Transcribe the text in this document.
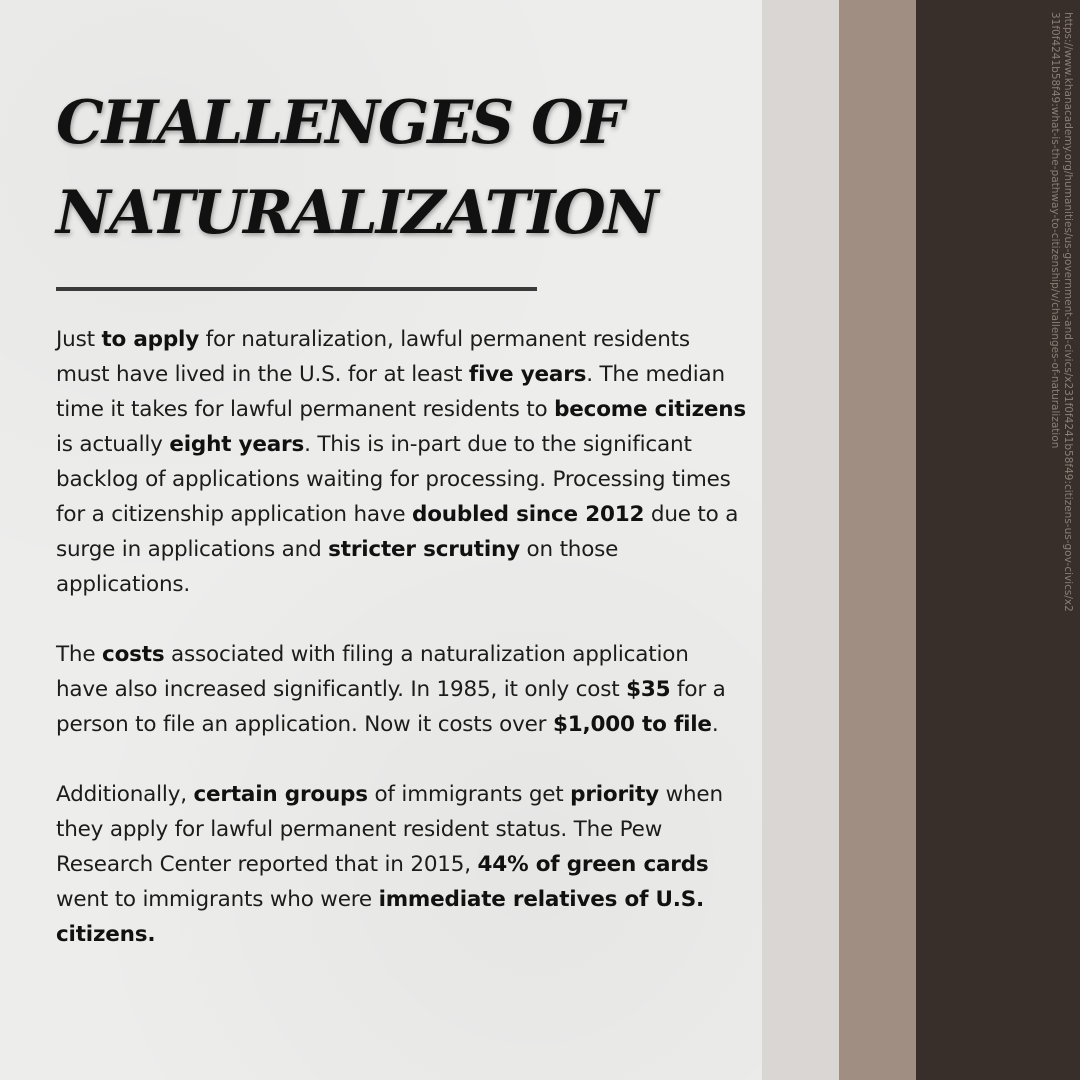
CHALLENGES OF
NATURALIZATION

Just to apply for naturalization, lawful permanent residents must have lived in the U.S. for at least five years. The median time it takes for lawful permanent residents to become citizens is actually eight years. This is in-part due to the significant backlog of applications waiting for processing. Processing times for a citizenship application have doubled since 2012 due to a surge in applications and stricter scrutiny on those applications.

The costs associated with filing a naturalization application have also increased significantly. In 1985, it only cost $35 for a person to file an application. Now it costs over $1,000 to file.

Additionally, certain groups of immigrants get priority when they apply for lawful permanent resident status. The Pew Research Center reported that in 2015, 44% of green cards went to immigrants who were immediate relatives of U.S. citizens.

https://www.khanacademy.org/humanities/us-government-and-civics/x231f0f4241b58f49:citizens-us-gov-civics/x231f0f4241b58f49:what-is-the-pathway-to-citizenship/v/challenges-of-naturalization
